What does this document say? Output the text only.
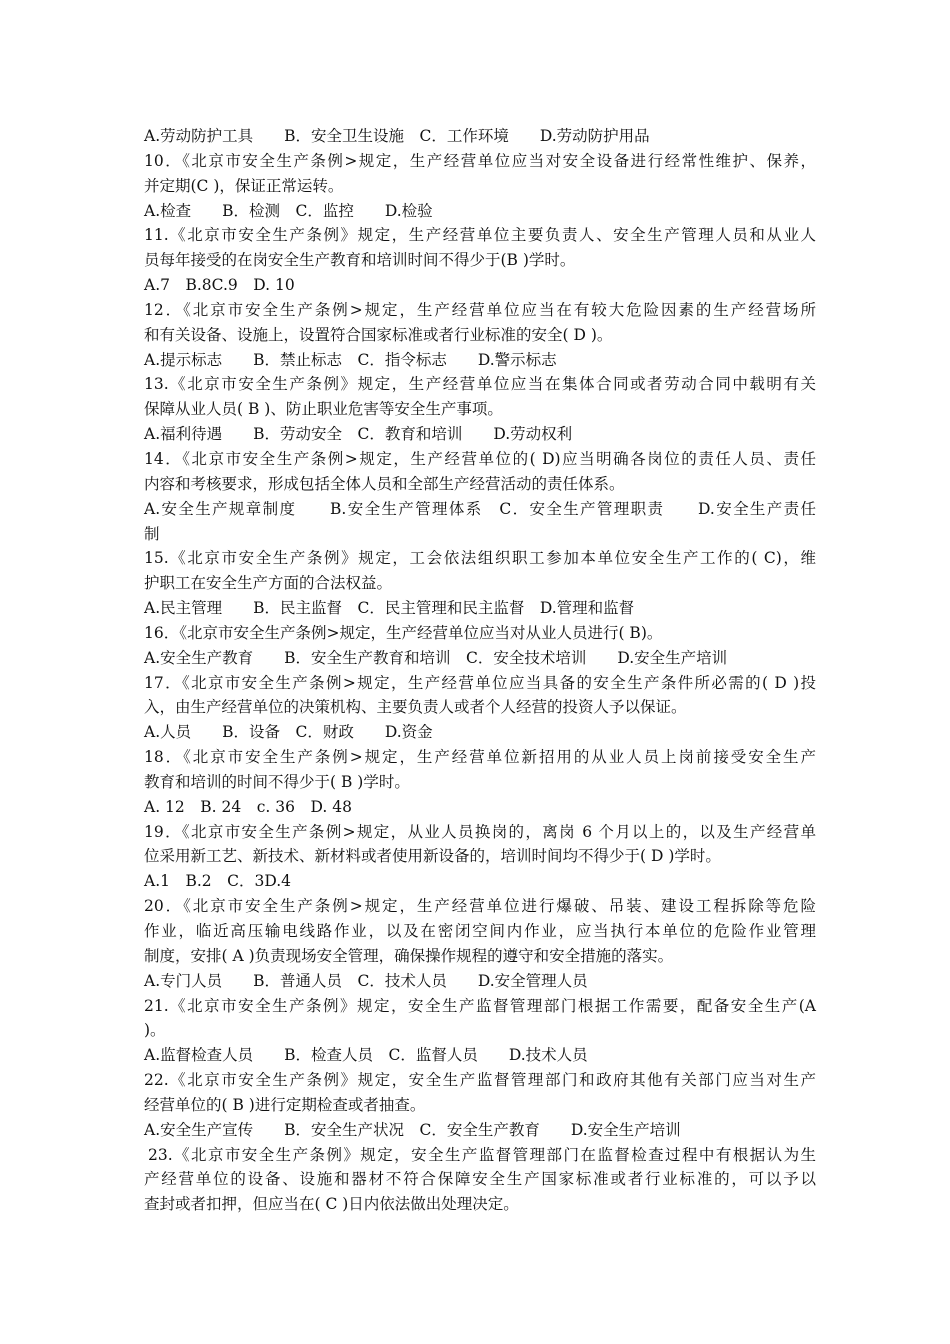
A.劳动防护工具　　B．安全卫生设施　C．工作环境　　D.劳动防护用品
10．《北京市安全生产条例>规定，生产经营单位应当对安全设备进行经常性维护、保养，
并定期(C )，保证正常运转。
A.检查　　B．检测　C．监控　　D.检验
11.《北京市安全生产条例》规定，生产经营单位主要负责人、安全生产管理人员和从业人
员每年接受的在岗安全生产教育和培训时间不得少于(B )学时。
A.7　B.8C.9　D. 10
12．《北京市安全生产条例>规定，生产经营单位应当在有较大危险因素的生产经营场所
和有关设备、设施上，设置符合国家标准或者行业标准的安全( D )。
A.提示标志　　B．禁止标志　C．指令标志　　D.警示标志
13.《北京市安全生产条例》规定，生产经营单位应当在集体合同或者劳动合同中载明有关
保障从业人员( B )、防止职业危害等安全生产事项。
A.福利待遇　　B．劳动安全　C．教育和培训　　D.劳动权利
14．《北京市安全生产条例>规定，生产经营单位的( D)应当明确各岗位的责任人员、责任
内容和考核要求，形成包括全体人员和全部生产经营活动的责任体系。
A.安全生产规章制度　　B.安全生产管理体系　C．安全生产管理职责　　D.安全生产责任
制
15.《北京市安全生产条例》规定，工会依法组织职工参加本单位安全生产工作的( C)，维
护职工在安全生产方面的合法权益。
A.民主管理　　B．民主监督　C．民主管理和民主监督　D.管理和监督
16．《北京市安全生产条例>规定，生产经营单位应当对从业人员进行( B)。
A.安全生产教育　　B．安全生产教育和培训　C．安全技术培训　　D.安全生产培训
17．《北京市安全生产条例>规定，生产经营单位应当具备的安全生产条件所必需的( D )投
入，由生产经营单位的决策机构、主要负责人或者个人经营的投资人予以保证。
A.人员　　B．设备　C．财政　　D.资金
18．《北京市安全生产条例>规定，生产经营单位新招用的从业人员上岗前接受安全生产
教育和培训的时间不得少于( B )学时。
A. 12　B. 24　c. 36　D. 48
19．《北京市安全生产条例>规定，从业人员换岗的，离岗 6 个月以上的，以及生产经营单
位采用新工艺、新技术、新材料或者使用新设备的，培训时间均不得少于( D )学时。
A.1　B.2　C．3D.4
20．《北京市安全生产条例>规定，生产经营单位进行爆破、吊装、建设工程拆除等危险
作业，临近高压输电线路作业，以及在密闭空间内作业，应当执行本单位的危险作业管理
制度，安排( A )负责现场安全管理，确保操作规程的遵守和安全措施的落实。
A.专门人员　　B．普通人员　C．技术人员　　D.安全管理人员
21.《北京市安全生产条例》规定，安全生产监督管理部门根据工作需要，配备安全生产(A
)。
A.监督检查人员　　B．检查人员　C．监督人员　　D.技术人员
22.《北京市安全生产条例》规定，安全生产监督管理部门和政府其他有关部门应当对生产
经营单位的( B )进行定期检查或者抽查。
A.安全生产宣传　　B．安全生产状况　C．安全生产教育　　D.安全生产培训
23.《北京市安全生产条例》规定，安全生产监督管理部门在监督检查过程中有根据认为生
产经营单位的设备、设施和器材不符合保障安全生产国家标准或者行业标准的，可以予以
查封或者扣押，但应当在( C )日内依法做出处理决定。
